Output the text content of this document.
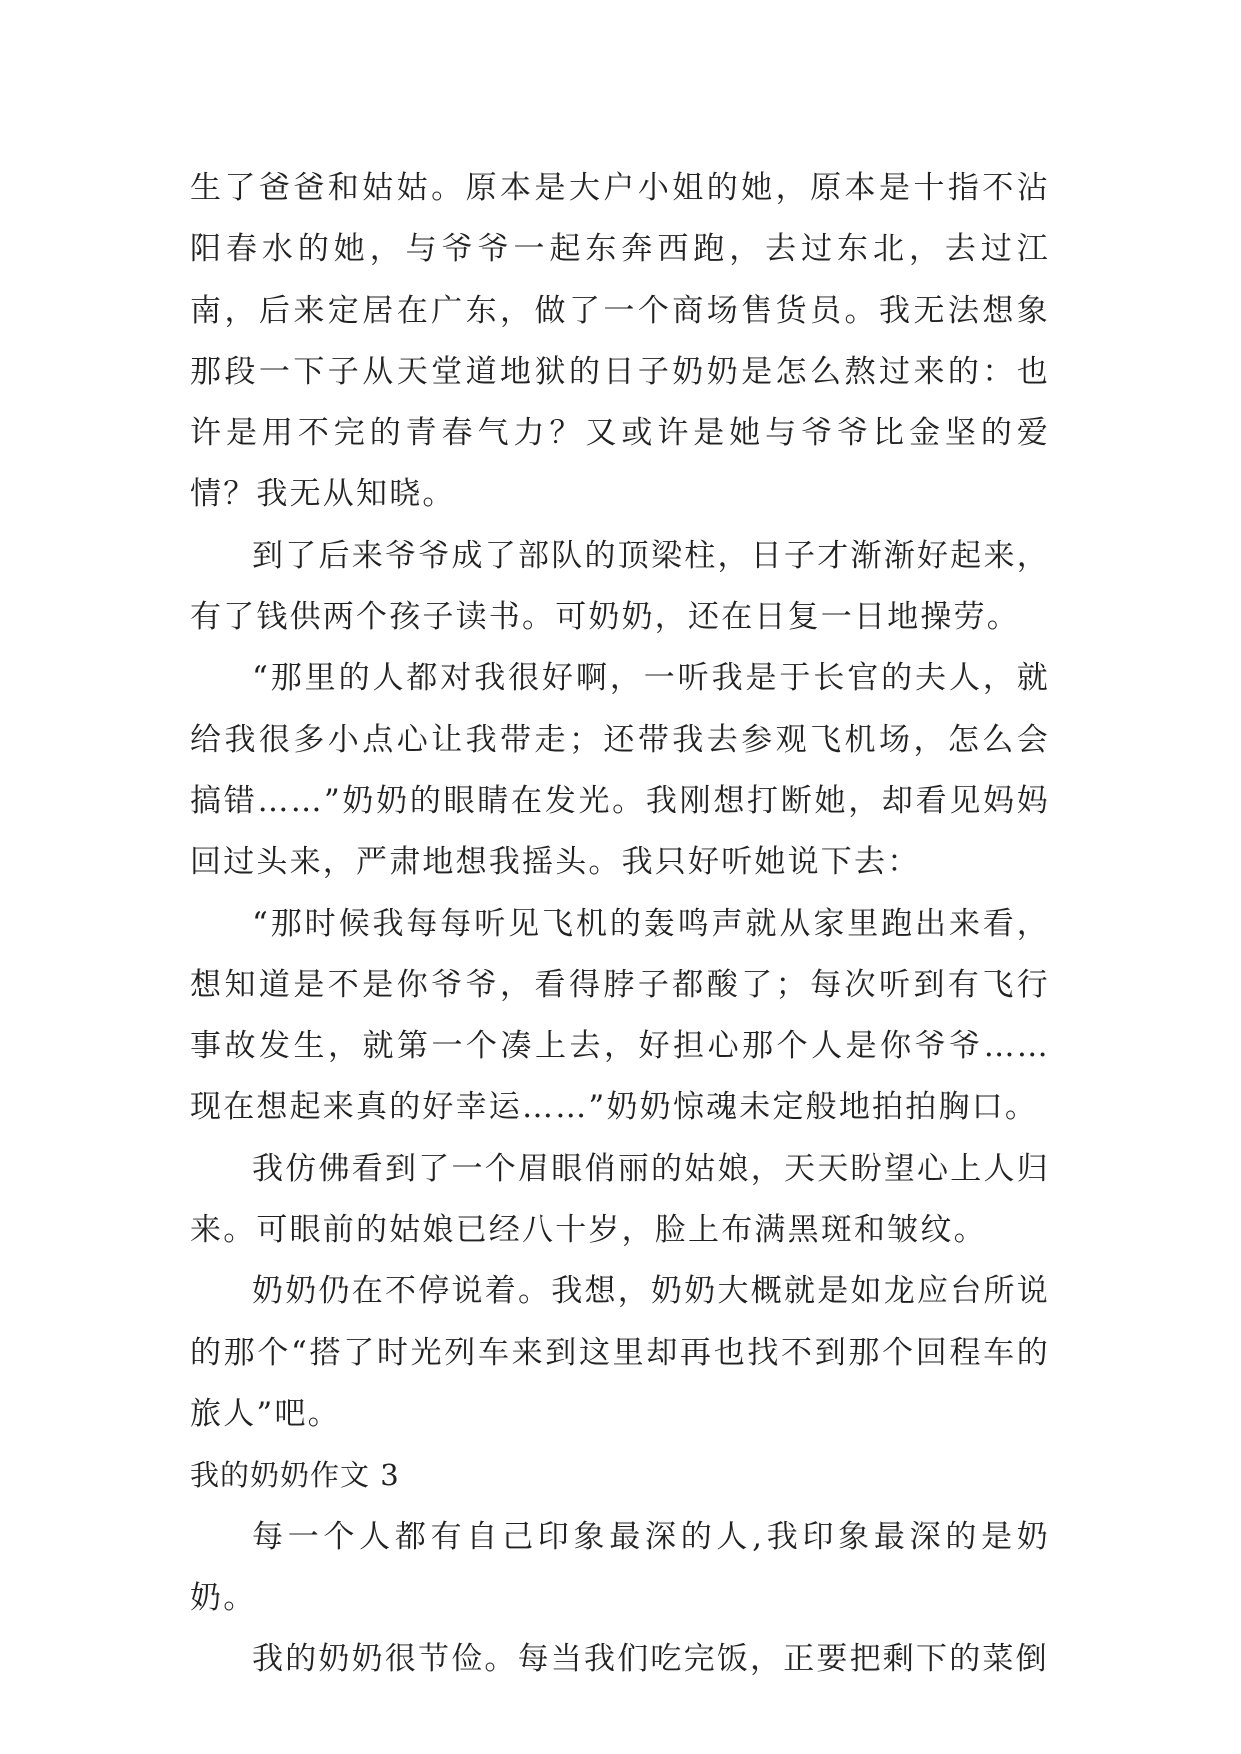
生了爸爸和姑姑。原本是大户小姐的她，原本是十指不沾阳春水的她，与爷爷一起东奔西跑，去过东北，去过江南，后来定居在广东，做了一个商场售货员。我无法想象那段一下子从天堂道地狱的日子奶奶是怎么熬过来的：也许是用不完的青春气力？又或许是她与爷爷比金坚的爱情？我无从知晓。

到了后来爷爷成了部队的顶梁柱，日子才渐渐好起来，有了钱供两个孩子读书。可奶奶，还在日复一日地操劳。

“那里的人都对我很好啊，一听我是于长官的夫人，就给我很多小点心让我带走；还带我去参观飞机场，怎么会搞错……”奶奶的眼睛在发光。我刚想打断她，却看见妈妈回过头来，严肃地想我摇头。我只好听她说下去：

“那时候我每每听见飞机的轰鸣声就从家里跑出来看，想知道是不是你爷爷，看得脖子都酸了；每次听到有飞行事故发生，就第一个凑上去，好担心那个人是你爷爷……现在想起来真的好幸运……”奶奶惊魂未定般地拍拍胸口。

我仿佛看到了一个眉眼俏丽的姑娘，天天盼望心上人归来。可眼前的姑娘已经八十岁，脸上布满黑斑和皱纹。

奶奶仍在不停说着。我想，奶奶大概就是如龙应台所说的那个“搭了时光列车来到这里却再也找不到那个回程车的旅人”吧。

我的奶奶作文 3

每一个人都有自己印象最深的人,我印象最深的是奶奶。

我的奶奶很节俭。每当我们吃完饭，正要把剩下的菜倒
